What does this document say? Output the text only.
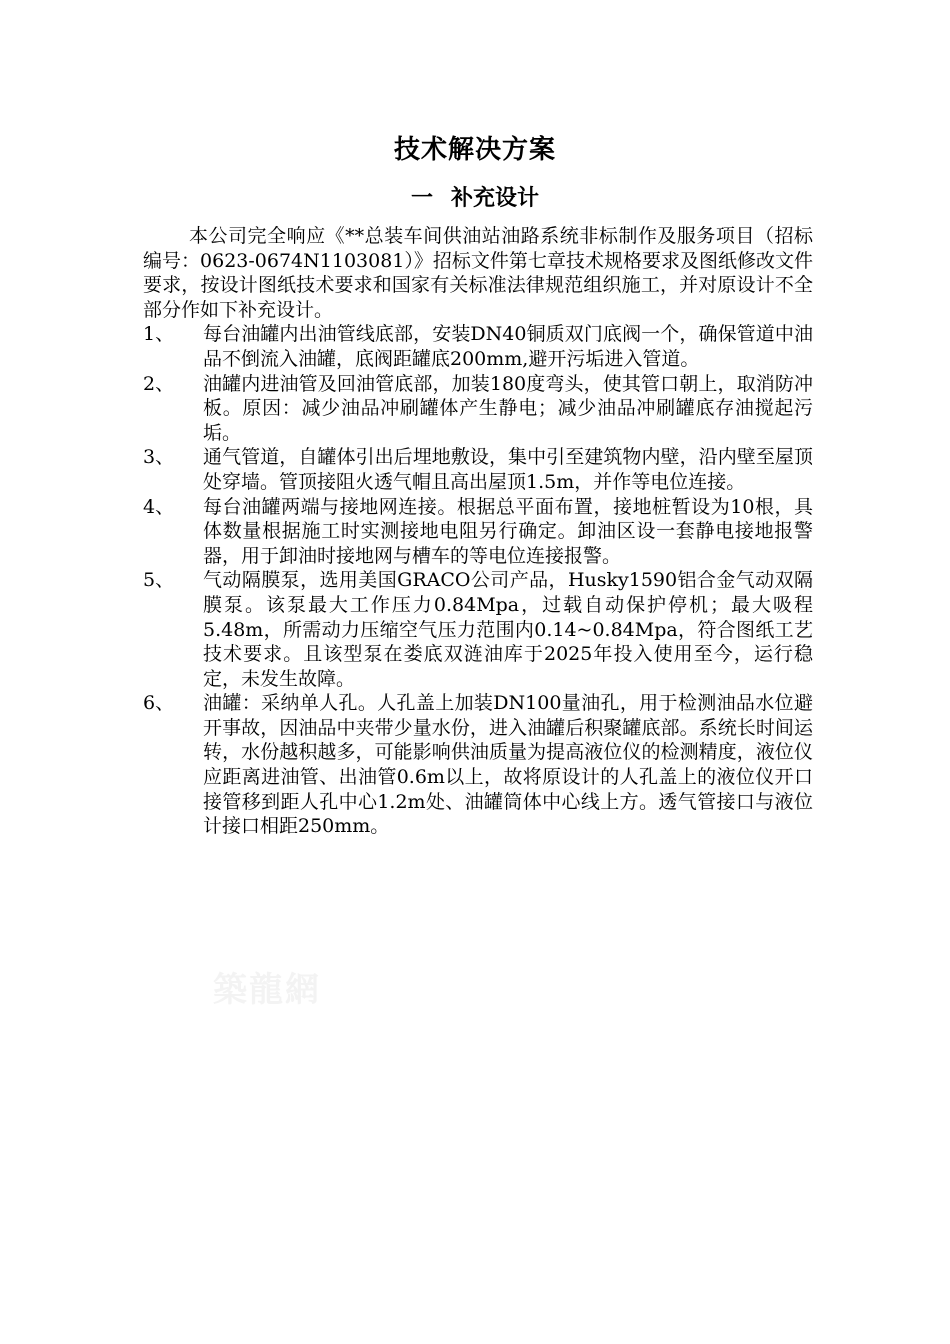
技术解决方案
一 补充设计

本公司完全响应《**总装车间供油站油路系统非标制作及服务项目（招标编号：0623-0674N1103081）》招标文件第七章技术规格要求及图纸修改文件要求，按设计图纸技术要求和国家有关标准法律规范组织施工，并对原设计不全部分作如下补充设计。

1、	每台油罐内出油管线底部，安装DN40铜质双门底阀一个，确保管道中油品不倒流入油罐，底阀距罐底200mm,避开污垢进入管道。
2、	油罐内进油管及回油管底部，加装180度弯头，使其管口朝上，取消防冲板。原因：减少油品冲刷罐体产生静电；减少油品冲刷罐底存油搅起污垢。
3、	通气管道，自罐体引出后埋地敷设，集中引至建筑物内壁，沿内壁至屋顶处穿墙。管顶接阻火透气帽且高出屋顶1.5m，并作等电位连接。
4、	每台油罐两端与接地网连接。根据总平面布置，接地桩暂设为10根，具体数量根据施工时实测接地电阻另行确定。卸油区设一套静电接地报警器，用于卸油时接地网与槽车的等电位连接报警。
5、	气动隔膜泵，选用美国GRACO公司产品，Husky1590铝合金气动双隔膜泵。该泵最大工作压力0.84Mpa，过载自动保护停机；最大吸程5.48m，所需动力压缩空气压力范围内0.14~0.84Mpa，符合图纸工艺技术要求。且该型泵在娄底双涟油库于2025年投入使用至今，运行稳定，未发生故障。
6、	油罐：采纳单人孔。人孔盖上加装DN100量油孔，用于检测油品水位避开事故，因油品中夹带少量水份，进入油罐后积聚罐底部。系统长时间运转，水份越积越多，可能影响供油质量为提高液位仪的检测精度，液位仪应距离进油管、出油管0.6m以上，故将原设计的人孔盖上的液位仪开口接管移到距人孔中心1.2m处、油罐筒体中心线上方。透气管接口与液位计接口相距250mm。
築龍網
